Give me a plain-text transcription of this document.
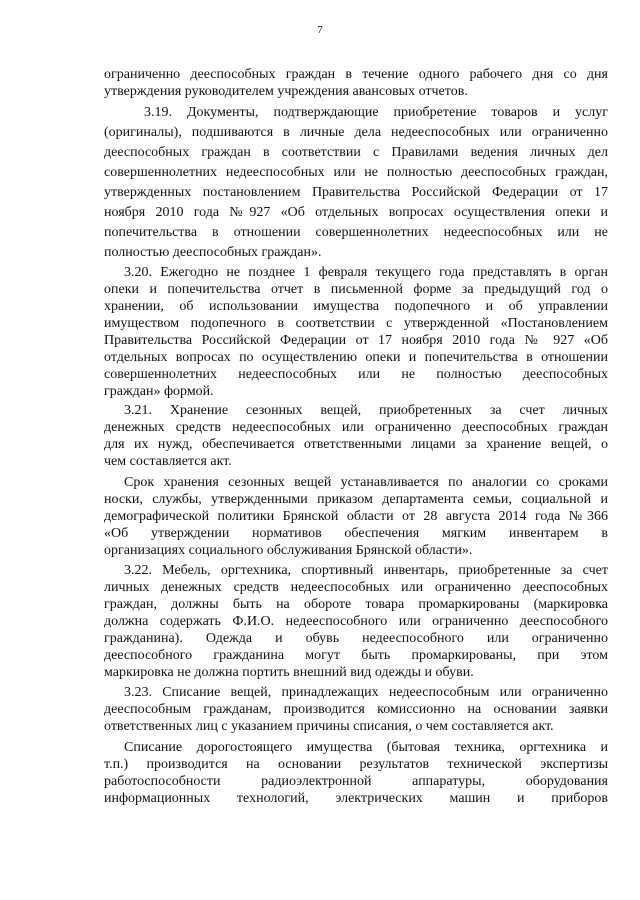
7
ограниченно дееспособных граждан в течение одного рабочего дня со дня
утверждения руководителем учреждения авансовых отчетов.
3.19. Документы, подтверждающие приобретение товаров и услуг
(оригиналы), подшиваются в личные дела недееспособных или ограниченно
дееспособных граждан в соответствии с Правилами ведения личных дел
совершеннолетних недееспособных или не полностью дееспособных граждан,
утвержденных постановлением Правительства Российской Федерации от 17
ноября 2010 года №927 «Об отдельных вопросах осуществления опеки и
попечительства в отношении совершеннолетних недееспособных или не
полностью дееспособных граждан».
3.20. Ежегодно не позднее 1 февраля текущего года представлять в орган
опеки и попечительства отчет в письменной форме за предыдущий год о
хранении, об использовании имущества подопечного и об управлении
имуществом подопечного в соответствии с утвержденной «Постановлением
Правительства Российской Федерации от 17 ноября 2010 года № 927 «Об
отдельных вопросах по осуществлению опеки и попечительства в отношении
совершеннолетних недееспособных или не полностью дееспособных
граждан» формой.
3.21. Хранение сезонных вещей, приобретенных за счет личных
денежных средств недееспособных или ограниченно дееспособных граждан
для их нужд, обеспечивается ответственными лицами за хранение вещей, о
чем составляется акт.
Срок хранения сезонных вещей устанавливается по аналогии со сроками
носки, службы, утвержденными приказом департамента семьи, социальной и
демографической политики Брянской области от 28 августа 2014 года №366
«Об утверждении нормативов обеспечения мягким инвентарем в
организациях социального обслуживания Брянской области».
3.22. Мебель, оргтехника, спортивный инвентарь, приобретенные за счет
личных денежных средств недееспособных или ограниченно дееспособных
граждан, должны быть на обороте товара промаркированы (маркировка
должна содержать Ф.И.О. недееспособного или ограниченно дееспособного
гражданина). Одежда и обувь недееспособного или ограниченно
дееспособного гражданина могут быть промаркированы, при этом
маркировка не должна портить внешний вид одежды и обуви.
3.23. Списание вещей, принадлежащих недееспособным или ограниченно
дееспособным гражданам, производится комиссионно на основании заявки
ответственных лиц с указанием причины списания, о чем составляется акт.
Списание дорогостоящего имущества (бытовая техника, оргтехника и
т.п.) производится на основании результатов технической экспертизы
работоспособности радиоэлектронной аппаратуры, оборудования
информационных технологий, электрических машин и приборов
